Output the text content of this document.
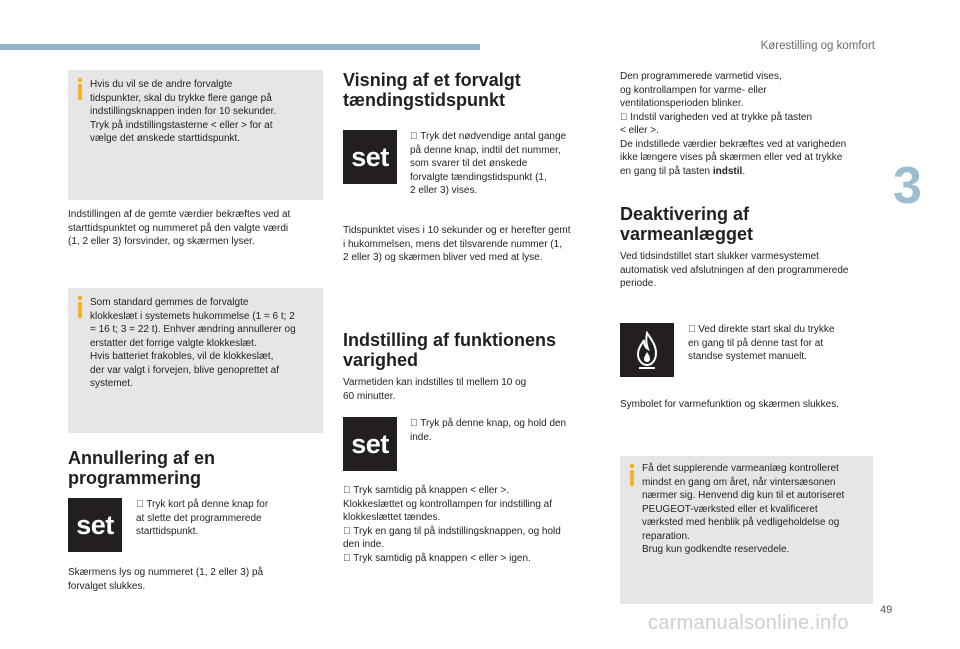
Kørestilling og komfort
3
Hvis du vil se de andre forvalgte
tidspunkter, skal du trykke flere gange på
indstillingsknappen inden for 10 sekunder.
Tryk på indstillingstasterne < eller > for at
vælge det ønskede starttidspunkt.
Indstillingen af de gemte værdier bekræftes ved at
starttidspunktet og nummeret på den valgte værdi
(1, 2 eller 3) forsvinder, og skærmen lyser.
Som standard gemmes de forvalgte
klokkeslæt i systemets hukommelse (1 = 6 t; 2
= 16 t; 3 = 22 t). Enhver ændring annullerer og
erstatter det forrige valgte klokkeslæt.
Hvis batteriet frakobles, vil de klokkeslæt,
der var valgt i forvejen, blive genoprettet af
systemet.
Annullering af en
programmering
set
Tryk kort på denne knap for
at slette det programmerede
starttidspunkt.
Skærmens lys og nummeret (1, 2 eller 3) på
forvalget slukkes.
Visning af et forvalgt
tændingstidspunkt
set
Tryk det nødvendige antal gange
på denne knap, indtil det nummer,
som svarer til det ønskede
forvalgte tændingstidspunkt (1,
2 eller 3) vises.
Tidspunktet vises i 10 sekunder og er herefter gemt
i hukommelsen, mens det tilsvarende nummer (1,
2 eller 3) og skærmen bliver ved med at lyse.
Indstilling af funktionens
varighed
Varmetiden kan indstilles til mellem 10 og
60 minutter.
set
Tryk på denne knap, og hold den
inde.
Tryk samtidig på knappen < eller >.
Klokkeslættet og kontrollampen for indstilling af
klokkeslættet tændes.
Tryk en gang til på indstillingsknappen, og hold
den inde.
Tryk samtidig på knappen < eller > igen.
Den programmerede varmetid vises,
og kontrollampen for varme- eller
ventilationsperioden blinker.
Indstil varigheden ved at trykke på tasten
< eller >.
De indstillede værdier bekræftes ved at varigheden
ikke længere vises på skærmen eller ved at trykke
en gang til på tasten indstil.
Deaktivering af
varmeanlægget
Ved tidsindstillet start slukker varmesystemet
automatisk ved afslutningen af den programmerede
periode.
Ved direkte start skal du trykke
en gang til på denne tast for at
standse systemet manuelt.
Symbolet for varmefunktion og skærmen slukkes.
Få det supplerende varmeanlæg kontrolleret
mindst en gang om året, når vintersæsonen
nærmer sig. Henvend dig kun til et autoriseret
PEUGEOT-værksted eller et kvalificeret
værksted med henblik på vedligeholdelse og
reparation.
Brug kun godkendte reservedele.
49
carmanualsonline.info
